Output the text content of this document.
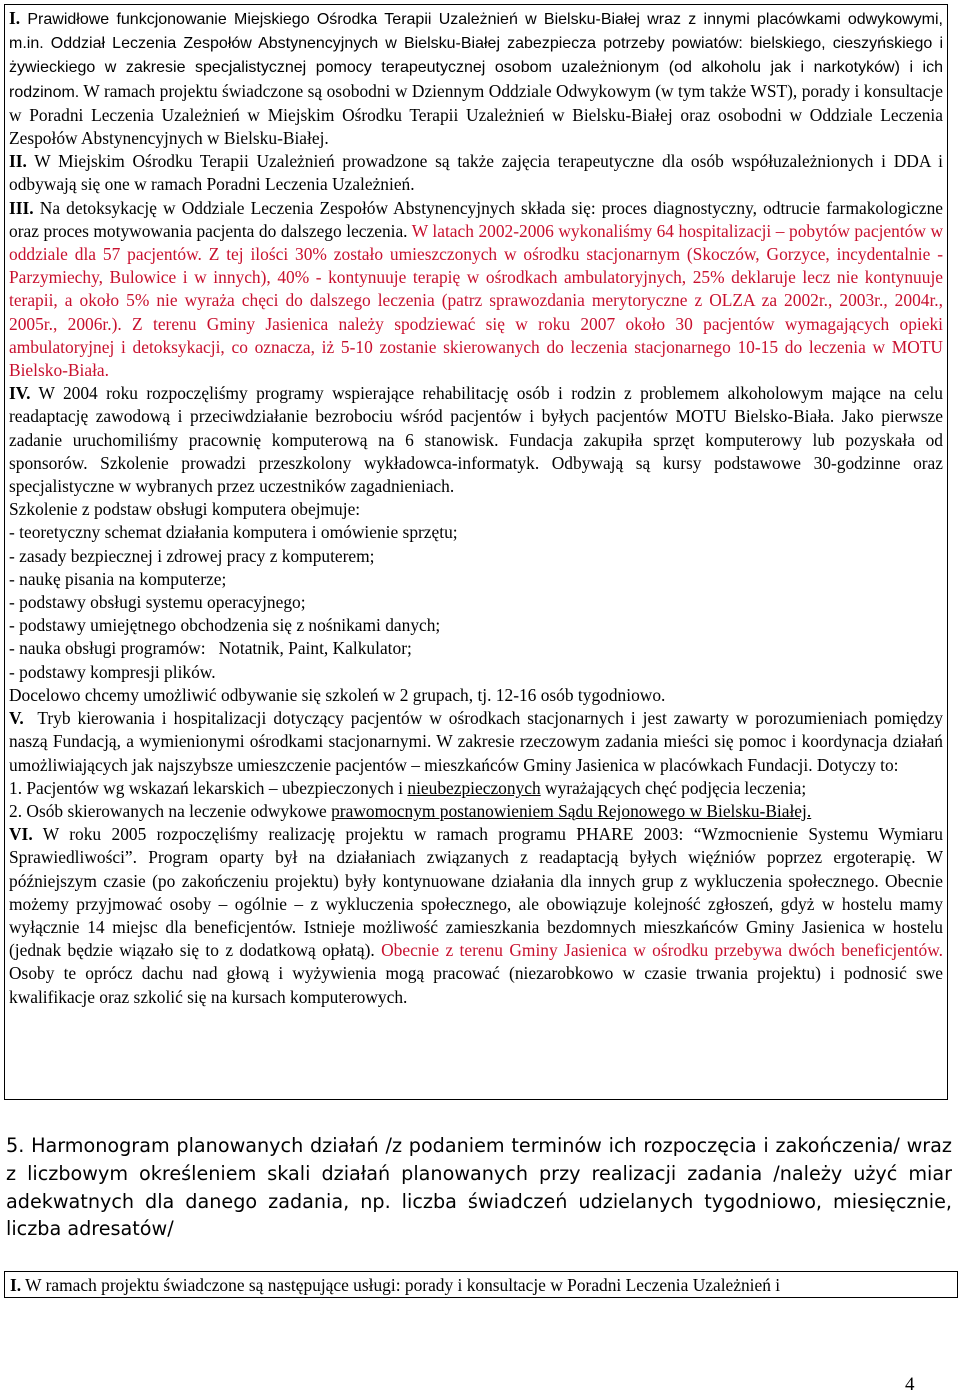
I. Prawidłowe funkcjonowanie Miejskiego Ośrodka Terapii Uzależnień w Bielsku-Białej wraz z innymi placówkami odwykowymi, m.in. Oddział Leczenia Zespołów Abstynencyjnych w Bielsku-Białej zabezpiecza potrzeby powiatów: bielskiego, cieszyńskiego i żywieckiego w zakresie specjalistycznej pomocy terapeutycznej osobom uzależnionym (od alkoholu jak i narkotyków) i ich rodzinom. W ramach projektu świadczone są osobodni w Dziennym Oddziale Odwykowym (w tym także WST), porady i konsultacje w Poradni Leczenia Uzależnień w Miejskim Ośrodku Terapii Uzależnień w Bielsku-Białej oraz osobodni w Oddziale Leczenia Zespołów Abstynencyjnych w Bielsku-Białej.

II. W Miejskim Ośrodku Terapii Uzależnień prowadzone są także zajęcia terapeutyczne dla osób współuzależnionych i DDA i odbywają się one w ramach Poradni Leczenia Uzależnień.

III. Na detoksykację w Oddziale Leczenia Zespołów Abstynencyjnych składa się: proces diagnostyczny, odtrucie farmakologiczne oraz proces motywowania pacjenta do dalszego leczenia. W latach 2002-2006 wykonaliśmy 64 hospitalizacji – pobytów pacjentów w oddziale dla 57 pacjentów. Z tej ilości 30% zostało umieszczonych w ośrodku stacjonarnym (Skoczów, Gorzyce, incydentalnie - Parzymiechy, Bulowice i w innych), 40% - kontynuuje terapię w ośrodkach ambulatoryjnych, 25% deklaruje lecz nie kontynuuje terapii, a około 5% nie wyraża chęci do dalszego leczenia (patrz sprawozdania merytoryczne z OLZA za 2002r., 2003r., 2004r., 2005r., 2006r.). Z terenu Gminy Jasienica należy spodziewać się w roku 2007 około 30 pacjentów wymagających opieki ambulatoryjnej i detoksykacji, co oznacza, iż 5-10 zostanie skierowanych do leczenia stacjonarnego 10-15 do leczenia w MOTU Bielsko-Biała.

IV. W 2004 roku rozpoczęliśmy programy wspierające rehabilitację osób i rodzin z problemem alkoholowym mające na celu readaptację zawodową i przeciwdziałanie bezrobociu wśród pacjentów i byłych pacjentów MOTU Bielsko-Biała. Jako pierwsze zadanie uruchomiliśmy pracownię komputerową na 6 stanowisk. Fundacja zakupiła sprzęt komputerowy lub pozyskała od sponsorów. Szkolenie prowadzi przeszkolony wykładowca-informatyk. Odbywają są kursy podstawowe 30-godzinne oraz specjalistyczne w wybranych przez uczestników zagadnieniach.

Szkolenie z podstaw obsługi komputera obejmuje:

- teoretyczny schemat działania komputera i omówienie sprzętu;

- zasady bezpiecznej i zdrowej pracy z komputerem;

- naukę pisania na komputerze;

- podstawy obsługi systemu operacyjnego;

- podstawy umiejętnego obchodzenia się z nośnikami danych;

- nauka obsługi programów:   Notatnik, Paint, Kalkulator;

- podstawy kompresji plików.

Docelowo chcemy umożliwić odbywanie się szkoleń w 2 grupach, tj. 12-16 osób tygodniowo.

V.  Tryb kierowania i hospitalizacji dotyczący pacjentów w ośrodkach stacjonarnych i jest zawarty w porozumieniach pomiędzy naszą Fundacją, a wymienionymi ośrodkami stacjonarnymi. W zakresie rzeczowym zadania mieści się pomoc i koordynacja działań umożliwiających jak najszybsze umieszczenie pacjentów – mieszkańców Gminy Jasienica w placówkach Fundacji. Dotyczy to:

1. Pacjentów wg wskazań lekarskich – ubezpieczonych i nieubezpieczonych wyrażających chęć podjęcia leczenia;

2. Osób skierowanych na leczenie odwykowe prawomocnym postanowieniem Sądu Rejonowego w Bielsku-Białej.

VI. W roku 2005 rozpoczęliśmy realizację projektu w ramach programu PHARE 2003: “Wzmocnienie Systemu Wymiaru Sprawiedliwości”. Program oparty był na działaniach związanych z readaptacją byłych więźniów poprzez ergoterapię. W późniejszym czasie (po zakończeniu projektu) były kontynuowane działania dla innych grup z wykluczenia społecznego. Obecnie możemy przyjmować osoby – ogólnie – z wykluczenia społecznego, ale obowiązuje kolejność zgłoszeń, gdyż w hostelu mamy wyłącznie 14 miejsc dla beneficjentów. Istnieje możliwość zamieszkania bezdomnych mieszkańców Gminy Jasienica w hostelu (jednak będzie wiązało się to z dodatkową opłatą). Obecnie z terenu Gminy Jasienica w ośrodku przebywa dwóch beneficjentów. Osoby te oprócz dachu nad głową i wyżywienia mogą pracować (niezarobkowo w czasie trwania projektu) i podnosić swe kwalifikacje oraz szkolić się na kursach komputerowych.

5. Harmonogram planowanych działań /z podaniem terminów ich rozpoczęcia i zakończenia/ wraz z liczbowym określeniem skali działań planowanych przy realizacji zadania /należy użyć miar adekwatnych dla danego zadania, np. liczba świadczeń udzielanych tygodniowo, miesięcznie, liczba adresatów/
I. W ramach projektu świadczone są następujące usługi: porady i konsultacje w Poradni Leczenia Uzależnień i
4
